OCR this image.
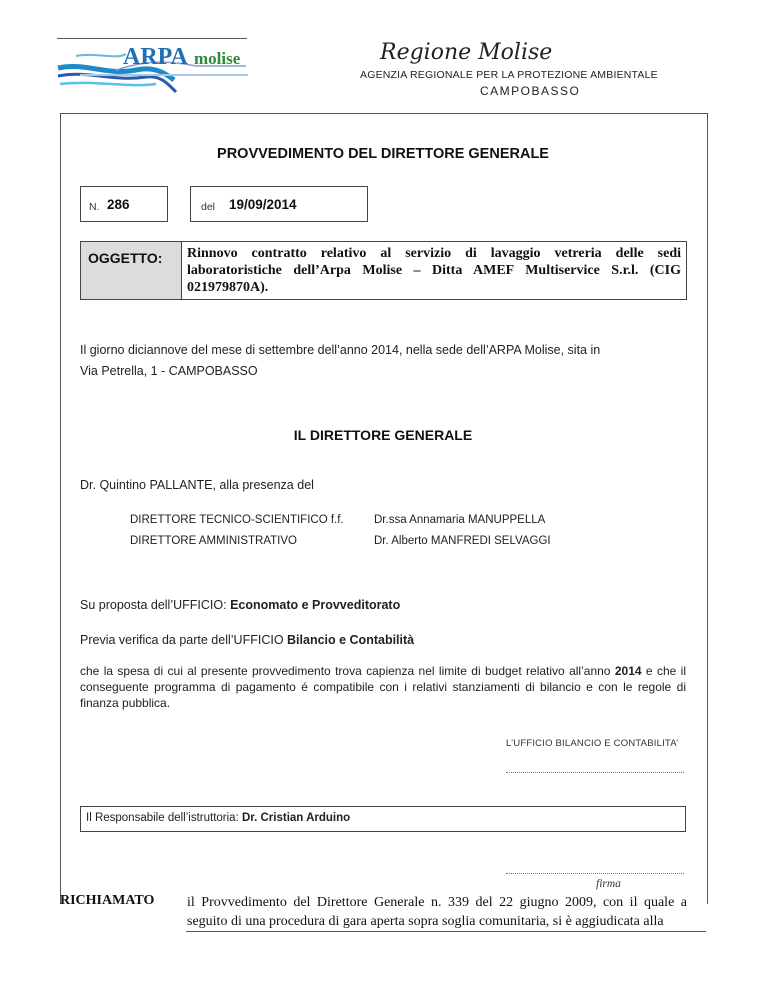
ARPA molise	Regione Molise
AGENZIA REGIONALE PER LA PROTEZIONE AMBIENTALE
CAMPOBASSO
PROVVEDIMENTO DEL DIRETTORE GENERALE
N. 286	del 19/09/2014
OGGETTO: Rinnovo contratto relativo al servizio di lavaggio vetreria delle sedi laboratoristiche dell’Arpa Molise – Ditta AMEF Multiservice S.r.l. (CIG 021979870A).
Il giorno diciannove del mese di settembre dell’anno 2014, nella sede dell’ARPA Molise, sita in
Via Petrella, 1 - CAMPOBASSO
IL DIRETTORE GENERALE
Dr. Quintino PALLANTE, alla presenza del
DIRETTORE TECNICO-SCIENTIFICO f.f.	Dr.ssa Annamaria MANUPPELLA
DIRETTORE AMMINISTRATIVO	Dr. Alberto MANFREDI SELVAGGI
Su proposta dell’UFFICIO: Economato e Provveditorato
Previa verifica da parte dell’UFFICIO Bilancio e Contabilità
che la spesa di cui al presente provvedimento trova capienza nel limite di budget relativo all’anno 2014 e che il conseguente programma di pagamento é compatibile con i relativi stanziamenti di bilancio e con le regole di finanza pubblica.
L’UFFICIO BILANCIO E CONTABILITA’
Il Responsabile dell’istruttoria: Dr. Cristian Arduino
firma
RICHIAMATO il Provvedimento del Direttore Generale n. 339 del 22 giugno 2009, con il quale a seguito di una procedura di gara aperta sopra soglia comunitaria, si è aggiudicata alla
